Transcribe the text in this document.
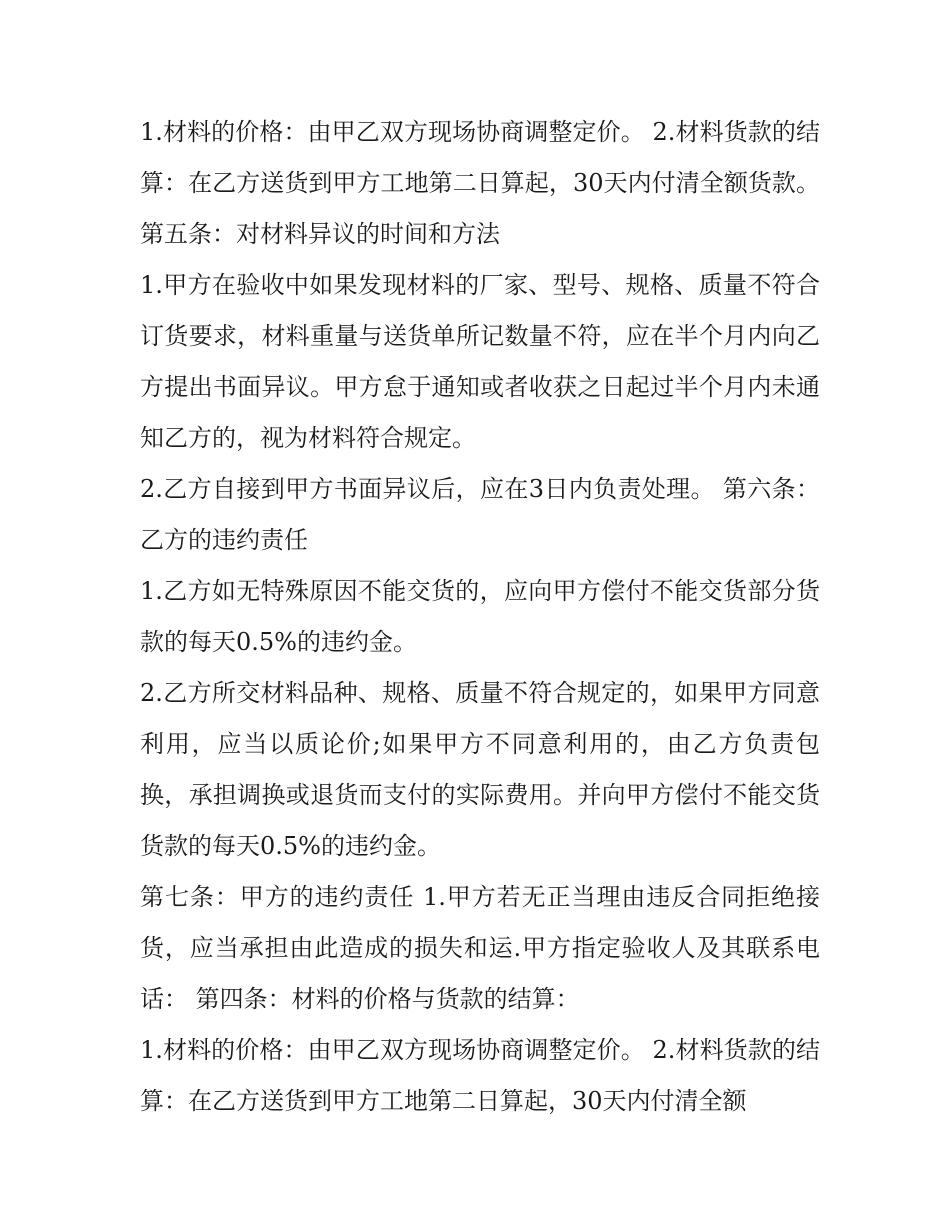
1.材料的价格：由甲乙双方现场协商调整定价。 2.材料货款的结算：在乙方送货到甲方工地第二日算起，30天内付清全额货款。 第五条：对材料异议的时间和方法

1.甲方在验收中如果发现材料的厂家、型号、规格、质量不符合订货要求，材料重量与送货单所记数量不符，应在半个月内向乙方提出书面异议。甲方怠于通知或者收获之日起过半个月内未通知乙方的，视为材料符合规定。

2.乙方自接到甲方书面异议后，应在3日内负责处理。 第六条：乙方的违约责任

1.乙方如无特殊原因不能交货的，应向甲方偿付不能交货部分货款的每天0.5%的违约金。

2.乙方所交材料品种、规格、质量不符合规定的，如果甲方同意利用，应当以质论价;如果甲方不同意利用的，由乙方负责包换，承担调换或退货而支付的实际费用。并向甲方偿付不能交货货款的每天0.5%的违约金。

第七条：甲方的违约责任 1.甲方若无正当理由违反合同拒绝接货，应当承担由此造成的损失和运.甲方指定验收人及其联系电话： 第四条：材料的价格与货款的结算：

1.材料的价格：由甲乙双方现场协商调整定价。 2.材料货款的结算：在乙方送货到甲方工地第二日算起，30天内付清全额
